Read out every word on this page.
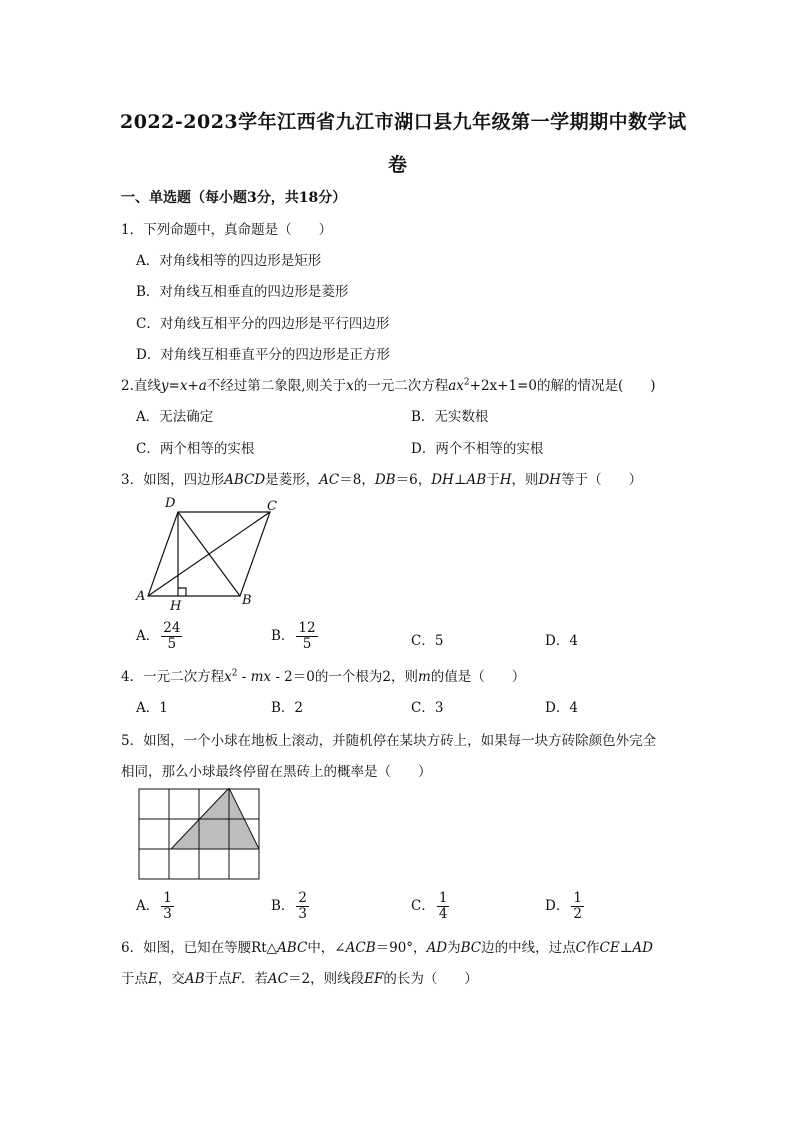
2022-2023学年江西省九江市湖口县九年级第一学期期中数学试
卷
一、单选题（每小题3分，共18分）
1．下列命题中，真命题是（　　）
A．对角线相等的四边形是矩形
B．对角线互相垂直的四边形是菱形
C．对角线互相平分的四边形是平行四边形
D．对角线互相垂直平分的四边形是正方形
2.直线y=x+a不经过第二象限,则关于x的一元二次方程$ax^2+2x+1=0$的解的情况是(　　)
A．无法确定	B．无实数根
C．两个相等的实根	D．两个不相等的实根
3．如图，四边形ABCD是菱形，AC＝8，DB＝6，DH⊥AB于H，则DH等于（　　）
D	C
A
H	B
A． $\frac{24}{5}$	B． $\frac{12}{5}$	C．5	D．4
4．一元二次方程$x^2$ - mx - 2＝0的一个根为2，则m的值是（　　）
A．1	B．2	C．3	D．4
5．如图，一个小球在地板上滚动，并随机停在某块方砖上，如果每一块方砖除颜色外完全
相同，那么小球最终停留在黑砖上的概率是（　　）
A． $\frac{1}{3}$	B． $\frac{2}{3}$	C． $\frac{1}{4}$	D． $\frac{1}{2}$
6．如图，已知在等腰Rt△ABC中，∠ACB＝90°，AD为BC边的中线，过点C作CE⊥AD
于点E，交AB于点F．若AC＝2，则线段EF的长为（　　）
